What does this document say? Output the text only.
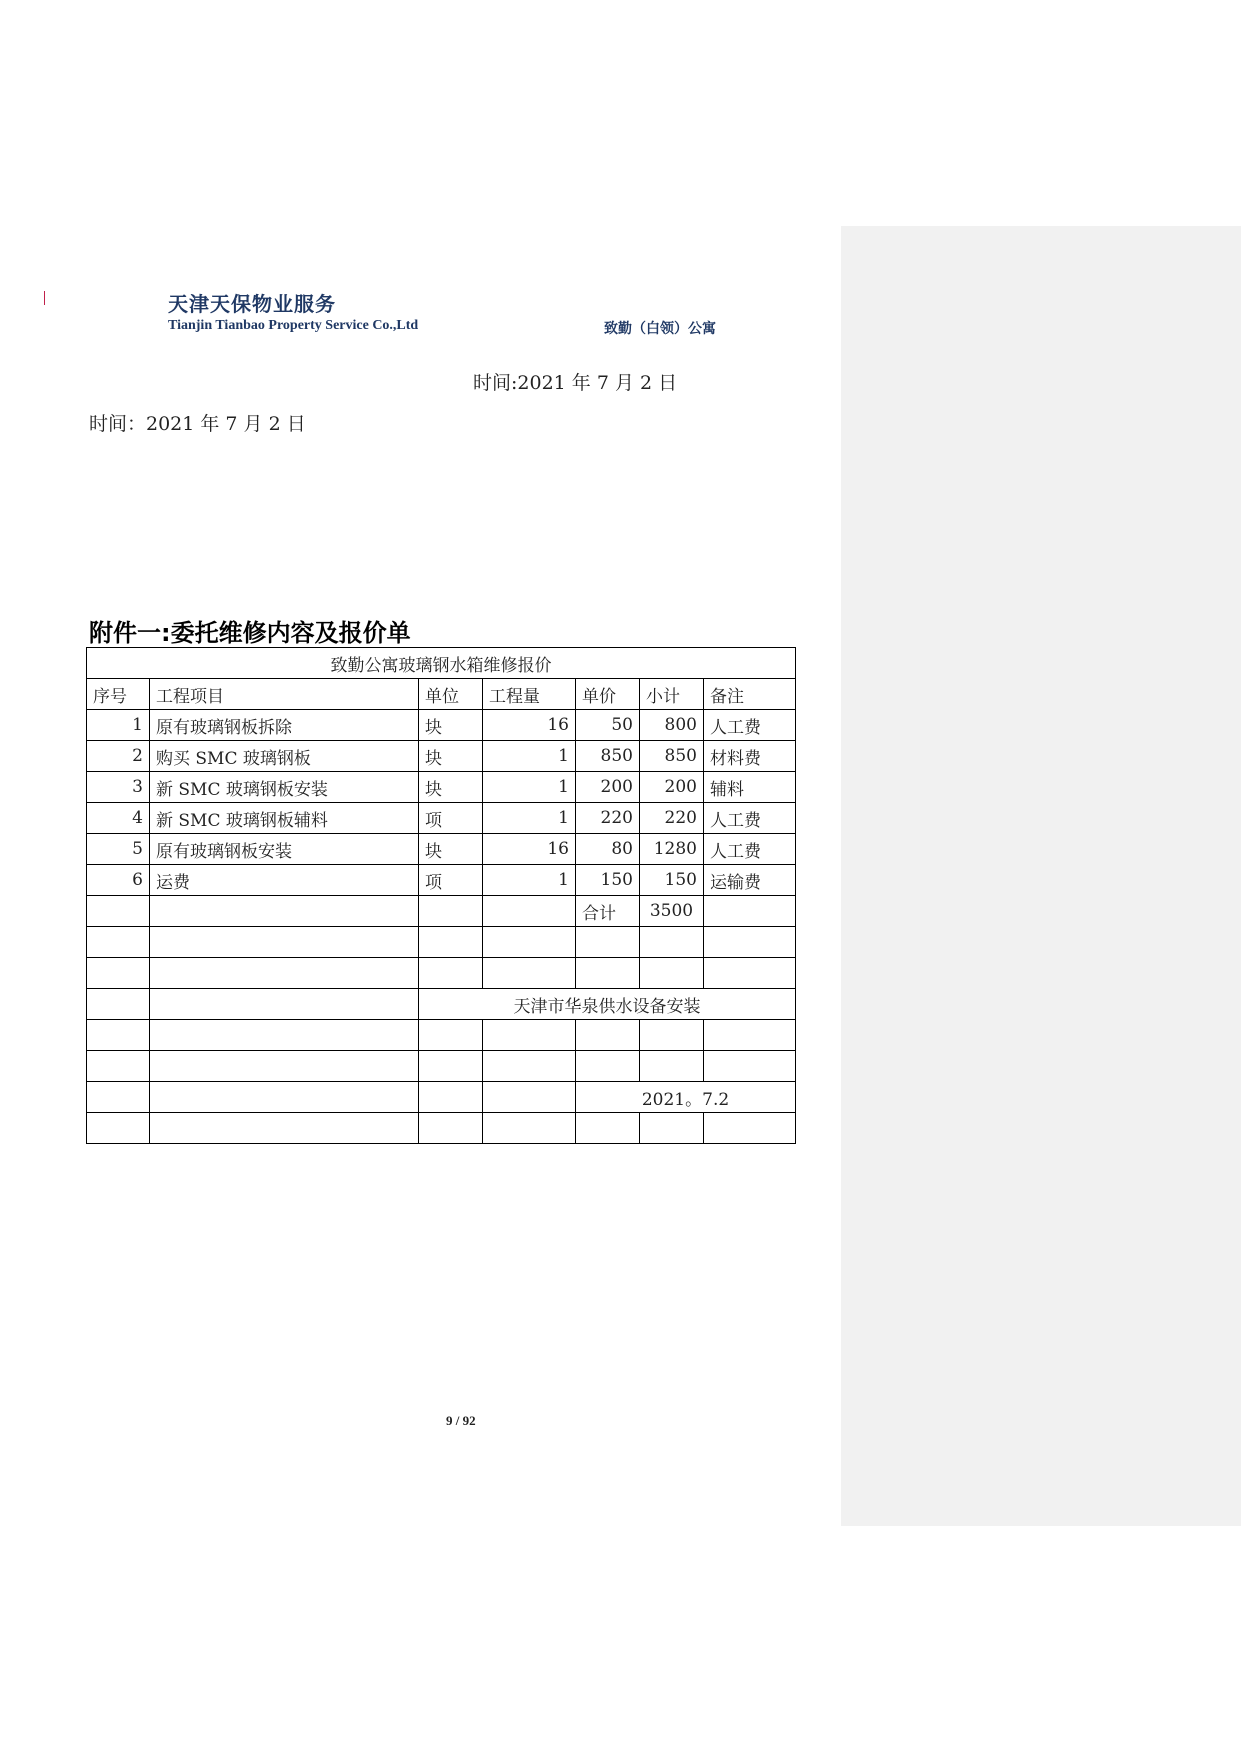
天津天保物业服务
Tianjin Tianbao Property Service Co.,Ltd	致勤（白领）公寓
时间:2021 年 7 月 2 日
时间：2021 年 7 月 2 日
附件一:委托维修内容及报价单
致勤公寓玻璃钢水箱维修报价						
序号	工程项目	单位	工程量	单价	小计	备注
1	原有玻璃钢板拆除	块	16	50	800	人工费
2	购买 SMC 玻璃钢板	块	1	850	850	材料费
3	新 SMC 玻璃钢板安装	块	1	200	200	辅料
4	新 SMC 玻璃钢板辅料	项	1	220	220	人工费
5	原有玻璃钢板安装	块	16	80	1280	人工费
6	运费	项	1	150	150	运输费
				合计	3500	

		天津市华泉供水设备安装				

				2021。7.2		

9 / 92
